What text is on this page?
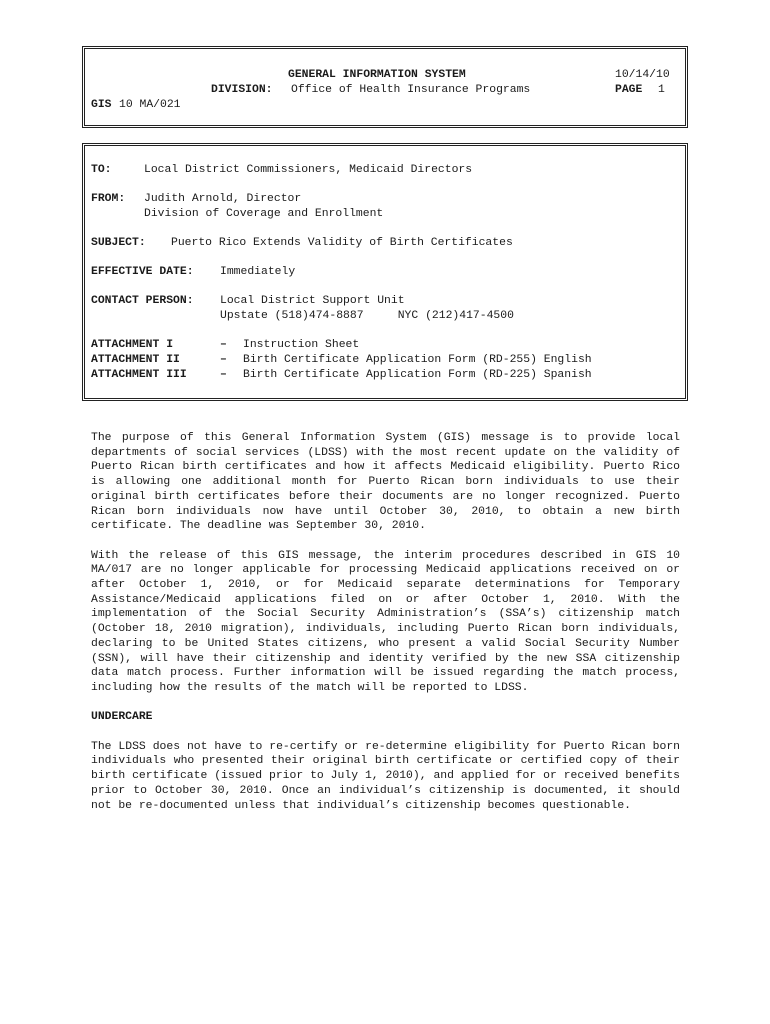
GENERAL INFORMATION SYSTEM	10/14/10
DIVISION: Office of Health Insurance Programs	PAGE 1
GIS 10 MA/021
TO:	Local District Commissioners, Medicaid Directors
FROM: Judith Arnold, Director
Division of Coverage and Enrollment
SUBJECT: Puerto Rico Extends Validity of Birth Certificates
EFFECTIVE DATE: Immediately
CONTACT PERSON: Local District Support Unit
Upstate (518)474-8887     NYC (212)417-4500
ATTACHMENT I	– Instruction Sheet
ATTACHMENT II	– Birth Certificate Application Form (RD-255) English
ATTACHMENT III	– Birth Certificate Application Form (RD-225) Spanish

The purpose of this General Information System (GIS) message is to provide local departments of social services (LDSS) with the most recent update on the validity of Puerto Rican birth certificates and how it affects Medicaid eligibility. Puerto Rico is allowing one additional month for Puerto Rican born individuals to use their original birth certificates before their documents are no longer recognized. Puerto Rican born individuals now have until October 30, 2010, to obtain a new birth certificate. The deadline was September 30, 2010.

With the release of this GIS message, the interim procedures described in GIS 10 MA/017 are no longer applicable for processing Medicaid applications received on or after October 1, 2010, or for Medicaid separate determinations for Temporary Assistance/Medicaid applications filed on or after October 1, 2010. With the implementation of the Social Security Administration’s (SSA’s) citizenship match (October 18, 2010 migration), individuals, including Puerto Rican born individuals, declaring to be United States citizens, who present a valid Social Security Number (SSN), will have their citizenship and identity verified by the new SSA citizenship data match process. Further information will be issued regarding the match process, including how the results of the match will be reported to LDSS.

UNDERCARE

The LDSS does not have to re-certify or re-determine eligibility for Puerto Rican born individuals who presented their original birth certificate or certified copy of their birth certificate (issued prior to July 1, 2010), and applied for or received benefits prior to October 30, 2010. Once an individual’s citizenship is documented, it should not be re-documented unless that individual’s citizenship becomes questionable.
